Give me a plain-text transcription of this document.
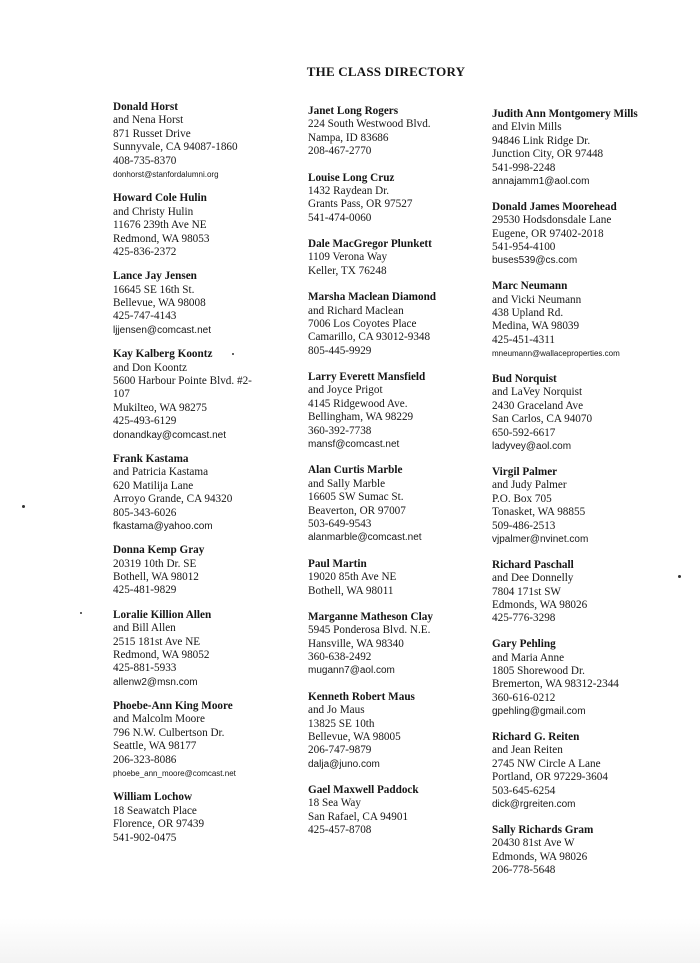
THE CLASS DIRECTORY
Donald Horst
and Nena Horst
871 Russet Drive
Sunnyvale, CA 94087-1860
408-735-8370
donhorst@stanfordalumni.org
Howard Cole Hulin
and Christy Hulin
11676 239th Ave NE
Redmond, WA 98053
425-836-2372
Lance Jay Jensen
16645 SE 16th St.
Bellevue, WA 98008
425-747-4143
ljjensen@comcast.net
Kay Kalberg Koontz
and Don Koontz
5600 Harbour Pointe Blvd. #2-
107
Mukilteo, WA 98275
425-493-6129
donandkay@comcast.net
Frank Kastama
and Patricia Kastama
620 Matilija Lane
Arroyo Grande, CA 94320
805-343-6026
fkastama@yahoo.com
Donna Kemp Gray
20319 10th Dr. SE
Bothell, WA 98012
425-481-9829
Loralie Killion Allen
and Bill Allen
2515 181st Ave NE
Redmond, WA 98052
425-881-5933
allenw2@msn.com
Phoebe-Ann King Moore
and Malcolm Moore
796 N.W. Culbertson Dr.
Seattle, WA 98177
206-323-8086
phoebe_ann_moore@comcast.net
William Lochow
18 Seawatch Place
Florence, OR 97439
541-902-0475
Janet Long Rogers
224 South Westwood Blvd.
Nampa, ID 83686
208-467-2770
Louise Long Cruz
1432 Raydean Dr.
Grants Pass, OR 97527
541-474-0060
Dale MacGregor Plunkett
1109 Verona Way
Keller, TX 76248
Marsha Maclean Diamond
and Richard Maclean
7006 Los Coyotes Place
Camarillo, CA 93012-9348
805-445-9929
Larry Everett Mansfield
and Joyce Prigot
4145 Ridgewood Ave.
Bellingham, WA 98229
360-392-7738
mansf@comcast.net
Alan Curtis Marble
and Sally Marble
16605 SW Sumac St.
Beaverton, OR 97007
503-649-9543
alanmarble@comcast.net
Paul Martin
19020 85th Ave NE
Bothell, WA 98011
Marganne Matheson Clay
5945 Ponderosa Blvd. N.E.
Hansville, WA 98340
360-638-2492
mugann7@aol.com
Kenneth Robert Maus
and Jo Maus
13825 SE 10th
Bellevue, WA 98005
206-747-9879
dalja@juno.com
Gael Maxwell Paddock
18 Sea Way
San Rafael, CA 94901
425-457-8708
Judith Ann Montgomery Mills
and Elvin Mills
94846 Link Ridge Dr.
Junction City, OR 97448
541-998-2248
annajamm1@aol.com
Donald James Moorehead
29530 Hodsdonsdale Lane
Eugene, OR 97402-2018
541-954-4100
buses539@cs.com
Marc Neumann
and Vicki Neumann
438 Upland Rd.
Medina, WA 98039
425-451-4311
mneumann@wallaceproperties.com
Bud Norquist
and LaVey Norquist
2430 Graceland Ave
San Carlos, CA 94070
650-592-6617
ladyvey@aol.com
Virgil Palmer
and Judy Palmer
P.O. Box 705
Tonasket, WA 98855
509-486-2513
vjpalmer@nvinet.com
Richard Paschall
and Dee Donnelly
7804 171st SW
Edmonds, WA 98026
425-776-3298
Gary Pehling
and Maria Anne
1805 Shorewood Dr.
Bremerton, WA 98312-2344
360-616-0212
gpehling@gmail.com
Richard G. Reiten
and Jean Reiten
2745 NW Circle A Lane
Portland, OR 97229-3604
503-645-6254
dick@rgreiten.com
Sally Richards Gram
20430 81st Ave W
Edmonds, WA 98026
206-778-5648
